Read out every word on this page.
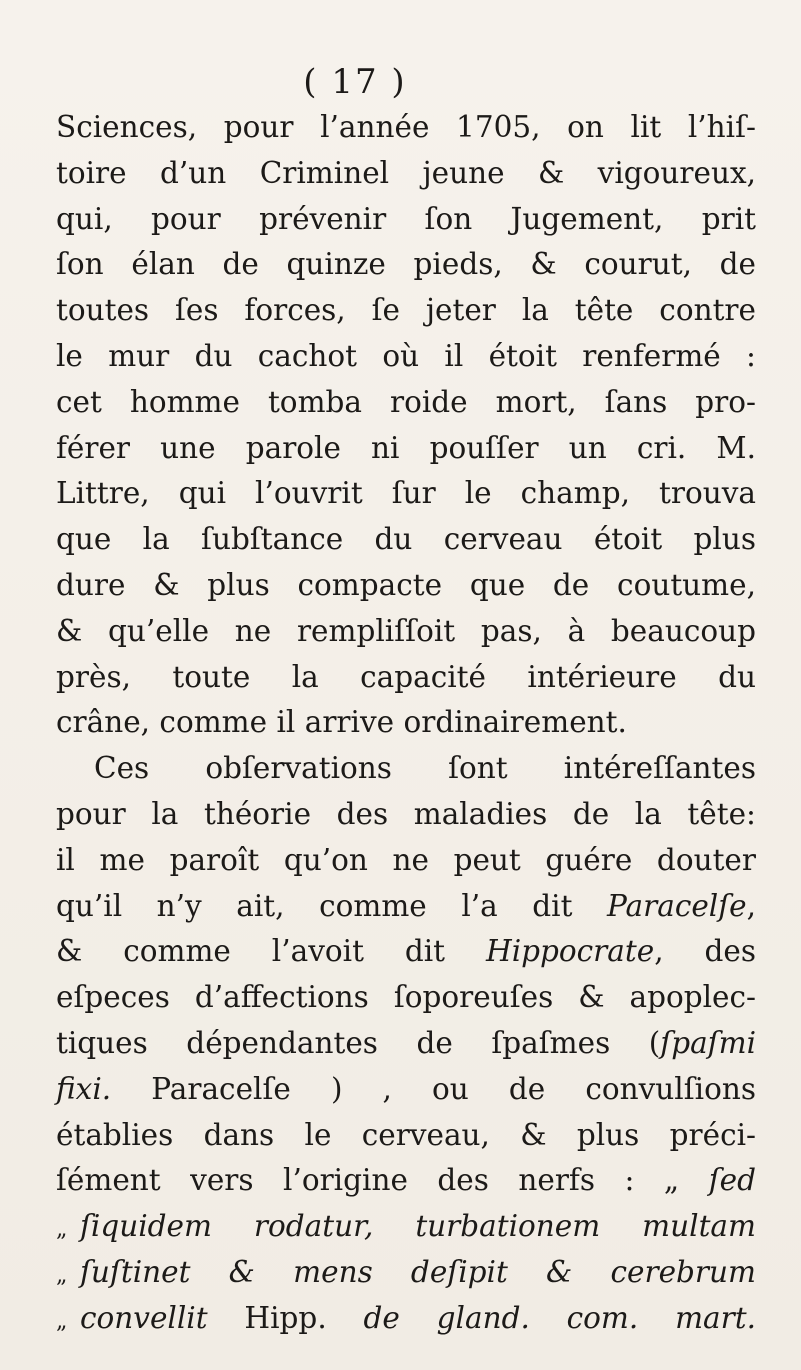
( 17 )
Sciences, pour l’année 1705, on lit l’hiſ-
toire d’un Criminel jeune & vigoureux,
qui, pour prévenir ſon Jugement, prit
ſon élan de quinze pieds, & courut, de
toutes ſes forces, ſe jeter la tête contre
le mur du cachot où il étoit renfermé :
cet homme tomba roide mort, ſans pro-
férer une parole ni pouſſer un cri. M.
Littre, qui l’ouvrit ſur le champ, trouva
que la ſubſtance du cerveau étoit plus
dure & plus compacte que de coutume,
& qu’elle ne rempliſſoit pas, à beaucoup
près, toute la capacité intérieure du
crâne, comme il arrive ordinairement.
Ces obſervations ſont intéreſſantes
pour la théorie des maladies de la tête:
il me paroît qu’on ne peut guére douter
qu’il n’y ait, comme l’a dit Paracelſe,
& comme l’avoit dit Hippocrate, des
eſpeces d’affections ſoporeuſes & apoplec-
tiques dépendantes de ſpaſmes (ſpaſmi
fixi. Paracelſe ) , ou de convulſions
établies dans le cerveau, & plus préci-
ſément vers l’origine des nerfs : „ ſed
„ ſiquidem rodatur, turbationem multam
„ ſuſtinet & mens deſipit & cerebrum
„ convellit Hipp. de gland. com. mart.
